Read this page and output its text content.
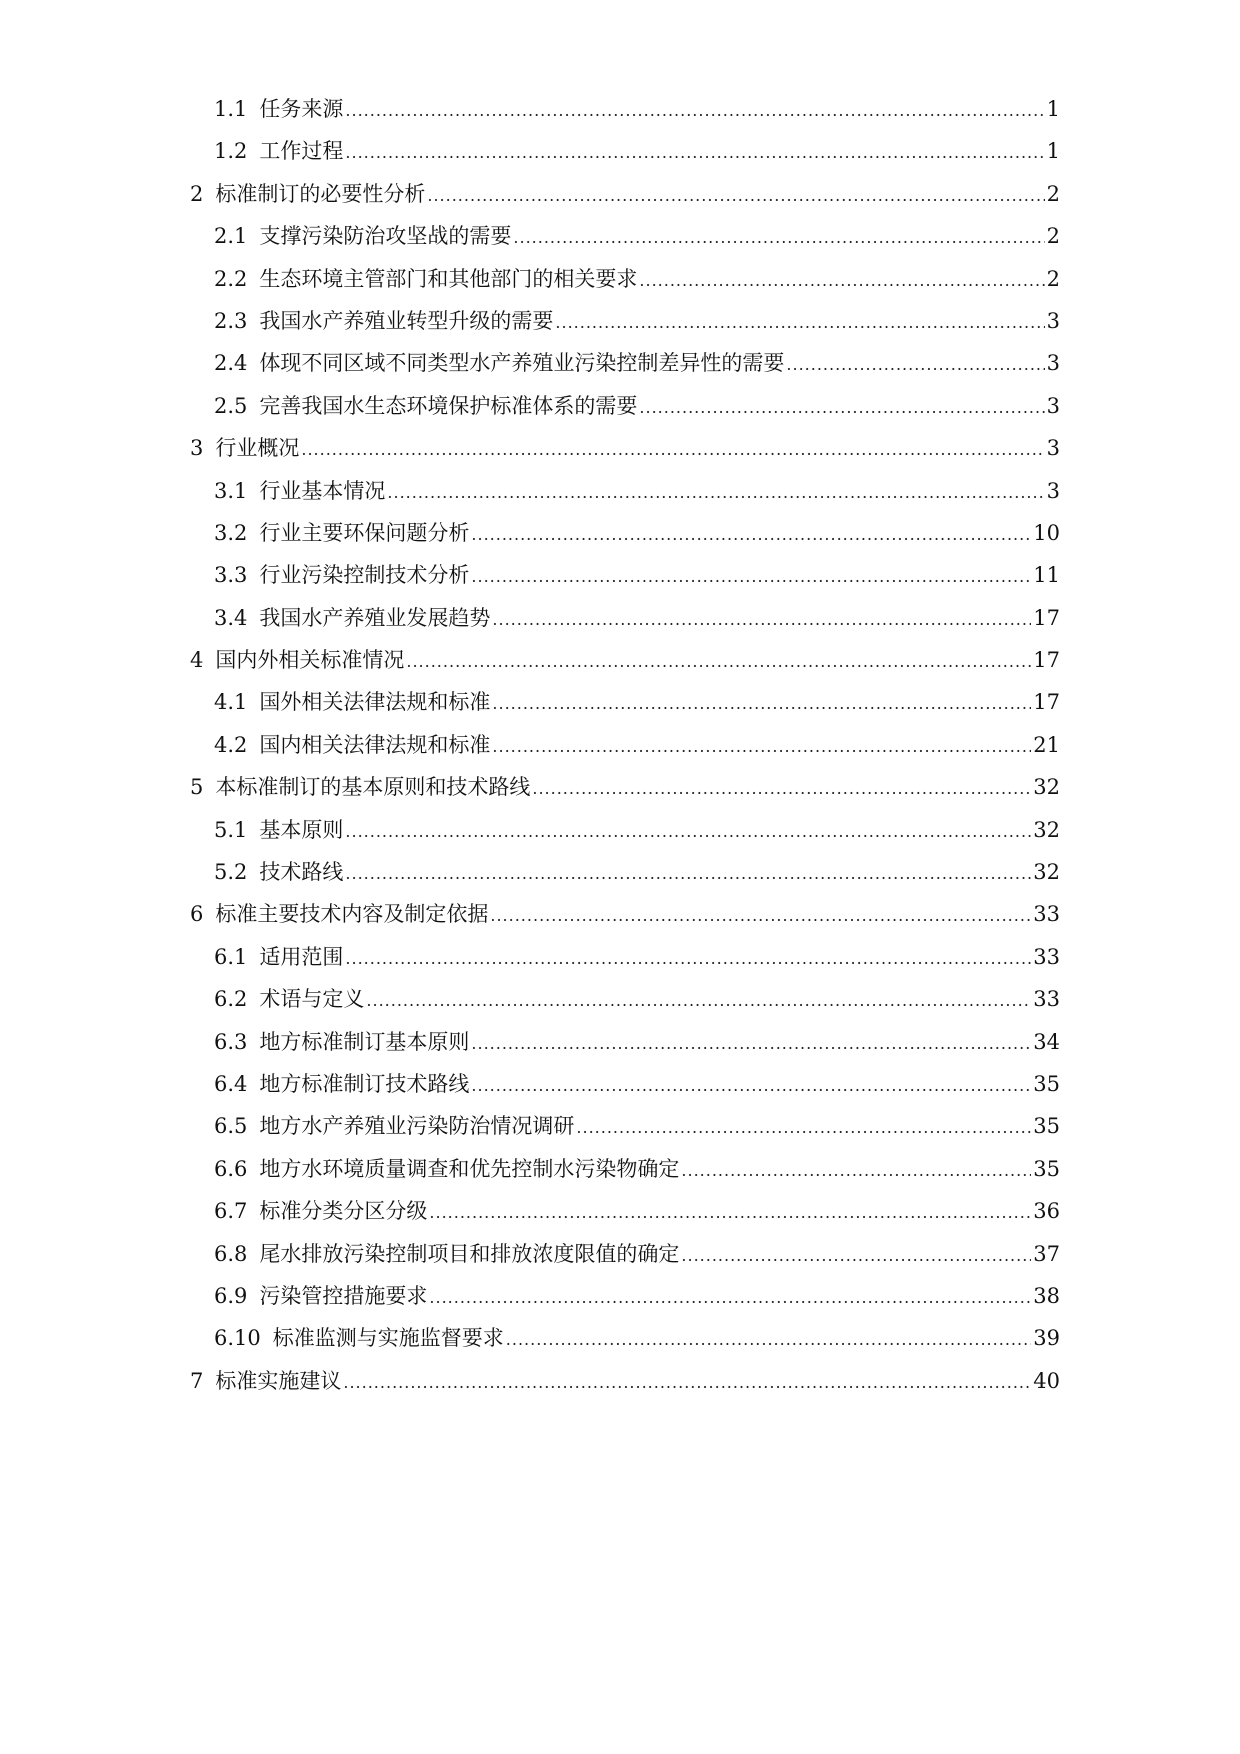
1.1 任务来源 .....	1
1.2 工作过程 .....	1
2 标准制订的必要性分析 .....	2
2.1 支撑污染防治攻坚战的需要 .....	2
2.2 生态环境主管部门和其他部门的相关要求 .....	2
2.3 我国水产养殖业转型升级的需要 .....	3
2.4 体现不同区域不同类型水产养殖业污染控制差异性的需要 .....	3
2.5 完善我国水生态环境保护标准体系的需要 .....	3
3 行业概况 .....	3
3.1 行业基本情况 .....	3
3.2 行业主要环保问题分析 .....	10
3.3 行业污染控制技术分析 .....	11
3.4 我国水产养殖业发展趋势 .....	17
4 国内外相关标准情况 .....	17
4.1 国外相关法律法规和标准 .....	17
4.2 国内相关法律法规和标准 .....	21
5 本标准制订的基本原则和技术路线 .....	32
5.1 基本原则 .....	32
5.2 技术路线 .....	32
6 标准主要技术内容及制定依据 .....	33
6.1 适用范围 .....	33
6.2 术语与定义 .....	33
6.3 地方标准制订基本原则 .....	34
6.4 地方标准制订技术路线 .....	35
6.5 地方水产养殖业污染防治情况调研 .....	35
6.6 地方水环境质量调查和优先控制水污染物确定 .....	35
6.7 标准分类分区分级 .....	36
6.8 尾水排放污染控制项目和排放浓度限值的确定 .....	37
6.9 污染管控措施要求 .....	38
6.10 标准监测与实施监督要求 .....	39
7 标准实施建议 .....	40
